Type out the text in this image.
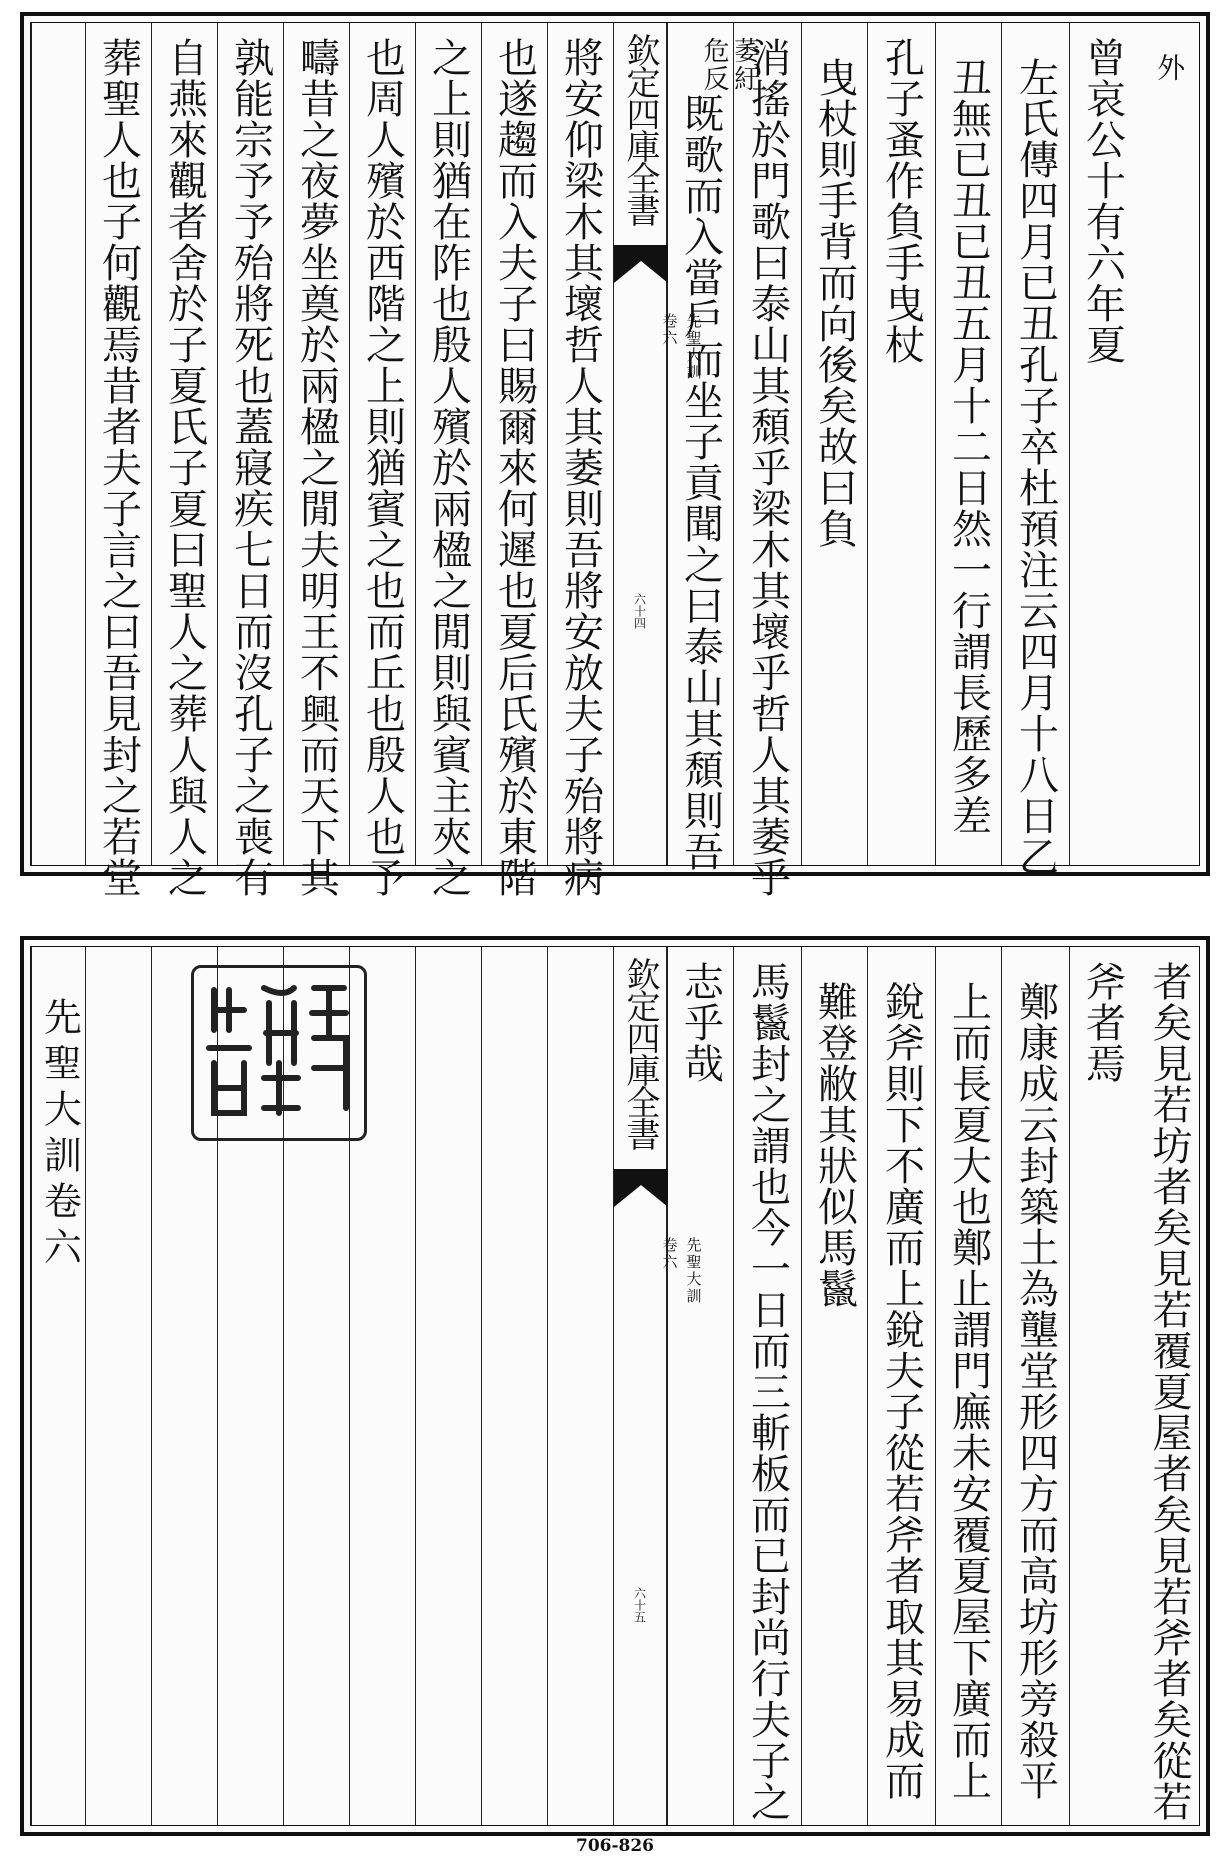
外
曾哀公十有六年夏
左氏傳四月已丑孔子卒杜預注云四月十八日乙
丑無已丑已丑五月十二日然一行謂長歷多差
孔子蚤作負手曳杖
曳杖則手背而向後矣故曰負
消搖於門歌曰泰山其頹乎梁木其壞乎哲人其萎乎
萎紆
危反
既歌而入當戶而坐子貢聞之曰泰山其頹則吾
欽定四庫全書
先聖大訓
卷六
六十四
將安仰梁木其壞哲人其萎則吾將安放夫子殆將病
也遂趨而入夫子曰賜爾來何遲也夏后氏殯於東階
之上則猶在阼也殷人殯於兩楹之閒則與賓主夾之
也周人殯於西階之上則猶賓之也而丘也殷人也予
疇昔之夜夢坐奠於兩楹之閒夫明王不興而天下其
孰能宗予予殆將死也蓋寢疾七日而沒孔子之喪有
自燕來觀者舍於子夏氏子夏曰聖人之葬人與人之
葬聖人也子何觀焉昔者夫子言之曰吾見封之若堂
者矣見若坊者矣見若覆夏屋者矣見若斧者矣從若
斧者焉
鄭康成云封築土為壟堂形四方而高坊形旁殺平
上而長夏大也鄭止謂門廡未安覆夏屋下廣而上
銳斧則下不廣而上銳夫子從若斧者取其易成而
難登敝其狀似馬鬣
馬鬣封之謂也今一日而三斬板而已封尚行夫子之
志乎哉
欽定四庫全書
先聖大訓
卷六
六十五
先聖大訓卷六
706-826
